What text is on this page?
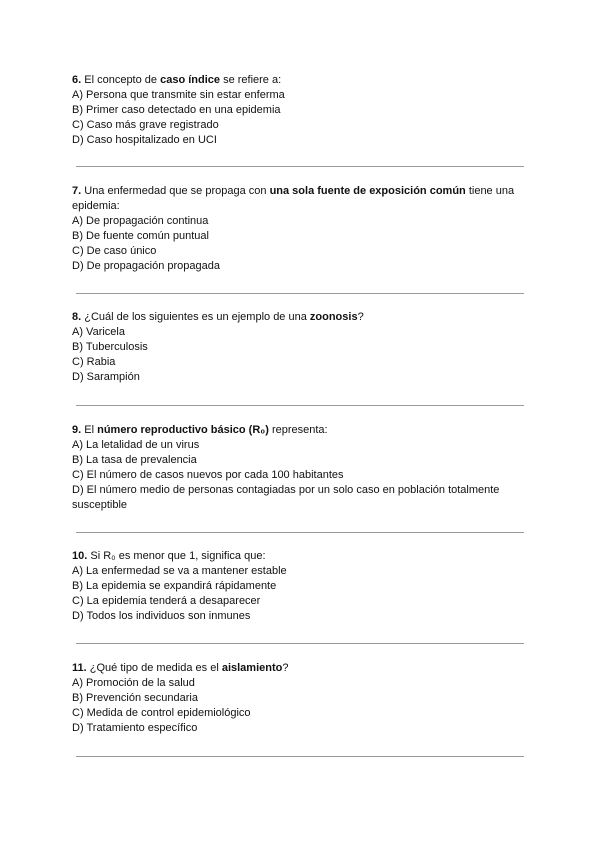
6. El concepto de caso índice se refiere a:
A) Persona que transmite sin estar enferma
B) Primer caso detectado en una epidemia
C) Caso más grave registrado
D) Caso hospitalizado en UCI
7. Una enfermedad que se propaga con una sola fuente de exposición común tiene una epidemia:
A) De propagación continua
B) De fuente común puntual
C) De caso único
D) De propagación propagada
8. ¿Cuál de los siguientes es un ejemplo de una zoonosis?
A) Varicela
B) Tuberculosis
C) Rabia
D) Sarampión
9. El número reproductivo básico (R₀) representa:
A) La letalidad de un virus
B) La tasa de prevalencia
C) El número de casos nuevos por cada 100 habitantes
D) El número medio de personas contagiadas por un solo caso en población totalmente susceptible
10. Si R₀ es menor que 1, significa que:
A) La enfermedad se va a mantener estable
B) La epidemia se expandirá rápidamente
C) La epidemia tenderá a desaparecer
D) Todos los individuos son inmunes
11. ¿Qué tipo de medida es el aislamiento?
A) Promoción de la salud
B) Prevención secundaria
C) Medida de control epidemiológico
D) Tratamiento específico
